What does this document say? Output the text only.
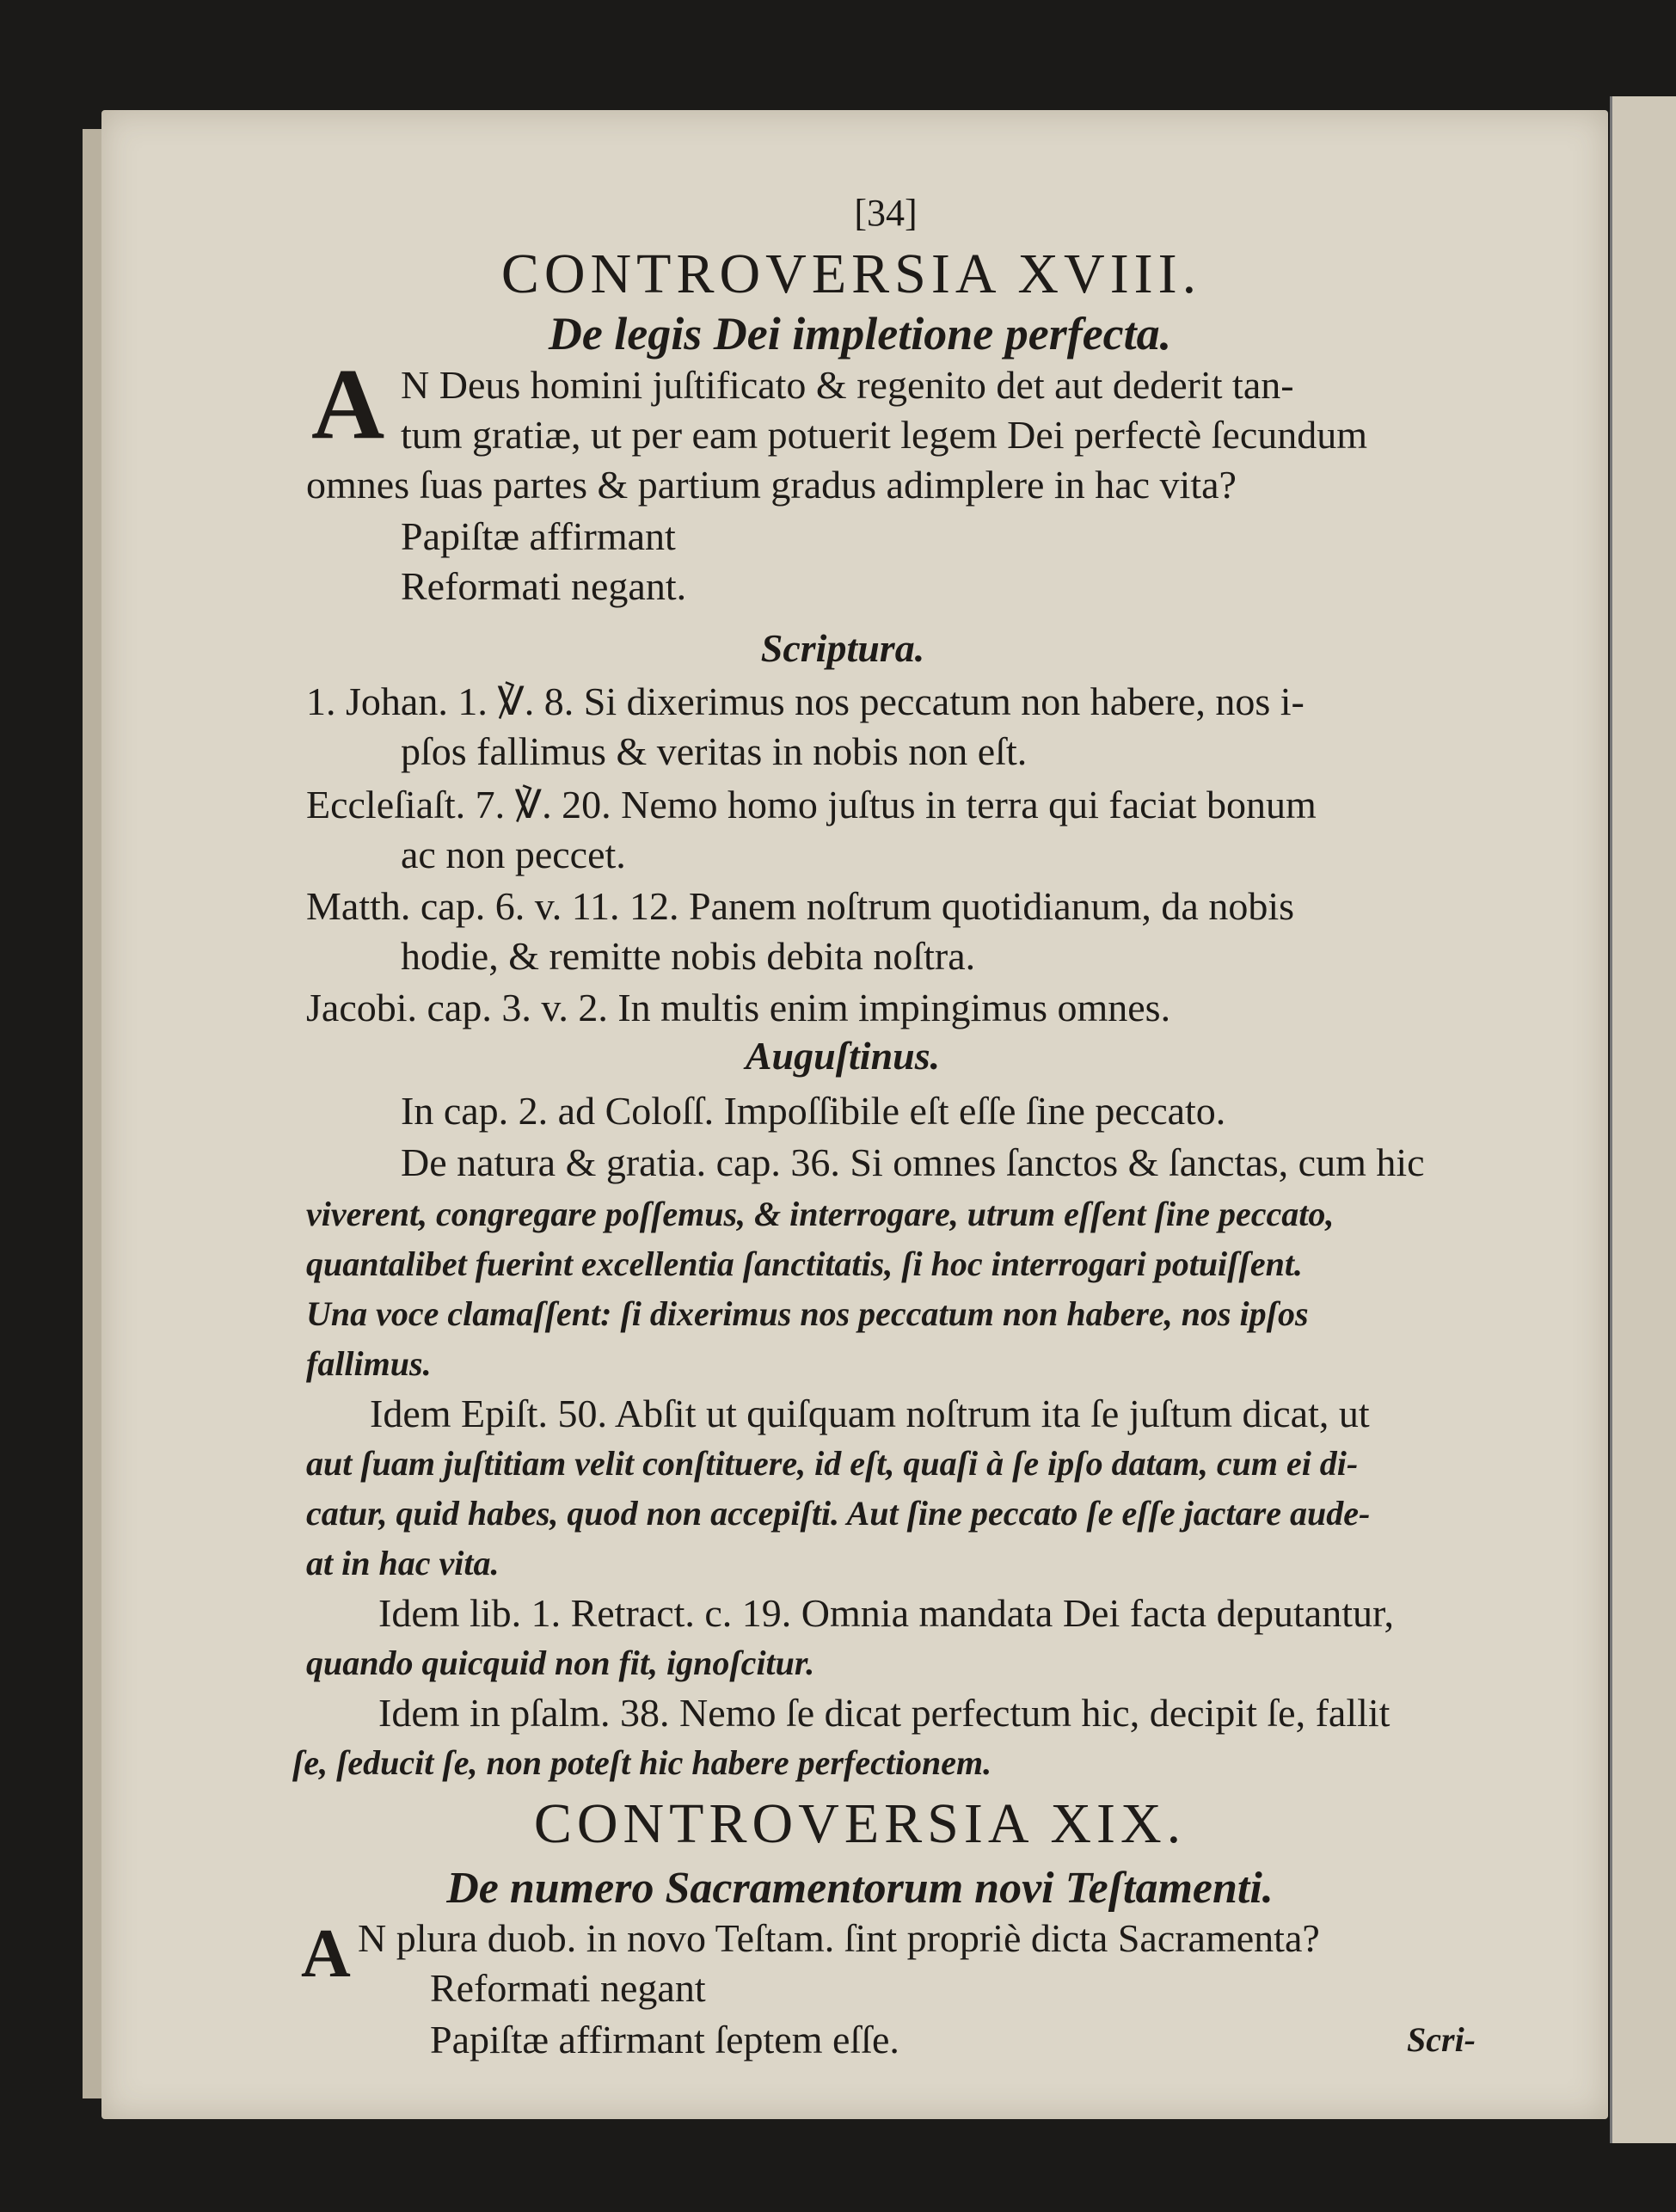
[34]
CONTROVERSIA XVIII.
De legis Dei impletione perfecta.
A N Deus homini juſtificato & regenito det aut dederit tan-
tum gratiæ, ut per eam potuerit legem Dei perfectè ſecundum
omnes ſuas partes & partium gradus adimplere in hac vita?
Papiſtæ affirmant
Reformati negant.
Scriptura.
1. Johan. 1. ℣. 8. Si dixerimus nos peccatum non habere, nos i-
pſos fallimus & veritas in nobis non eſt.
Eccleſiaſt. 7. ℣. 20. Nemo homo juſtus in terra qui faciat bonum
ac non peccet.
Matth. cap. 6. v. 11. 12. Panem noſtrum quotidianum, da nobis
hodie, & remitte nobis debita noſtra.
Jacobi. cap. 3. v. 2. In multis enim impingimus omnes.
Auguſtinus.
In cap. 2. ad Coloſſ. Impoſſibile eſt eſſe ſine peccato.
De natura & gratia. cap. 36. Si omnes ſanctos & ſanctas, cum hic
viverent, congregare poſſemus, & interrogare, utrum eſſent ſine peccato,
quantalibet fuerint excellentia ſanctitatis, ſi hoc interrogari potuiſſent.
Una voce clamaſſent: ſi dixerimus nos peccatum non habere, nos ipſos
fallimus.
Idem Epiſt. 50. Abſit ut quiſquam noſtrum ita ſe juſtum dicat, ut
aut ſuam juſtitiam velit conſtituere, id eſt, quaſi à ſe ipſo datam, cum ei di-
catur, quid habes, quod non accepiſti. Aut ſine peccato ſe eſſe jactare aude-
at in hac vita.
Idem lib. 1. Retract. c. 19. Omnia mandata Dei facta deputantur,
quando quicquid non fit, ignoſcitur.
Idem in pſalm. 38. Nemo ſe dicat perfectum hic, decipit ſe, fallit
ſe, ſeducit ſe, non poteſt hic habere perfectionem.
CONTROVERSIA XIX.
De numero Sacramentorum novi Teſtamenti.
A N plura duob. in novo Teſtam. ſint propriè dicta Sacramenta?
Reformati negant
Papiſtæ affirmant ſeptem eſſe.	Scri-
